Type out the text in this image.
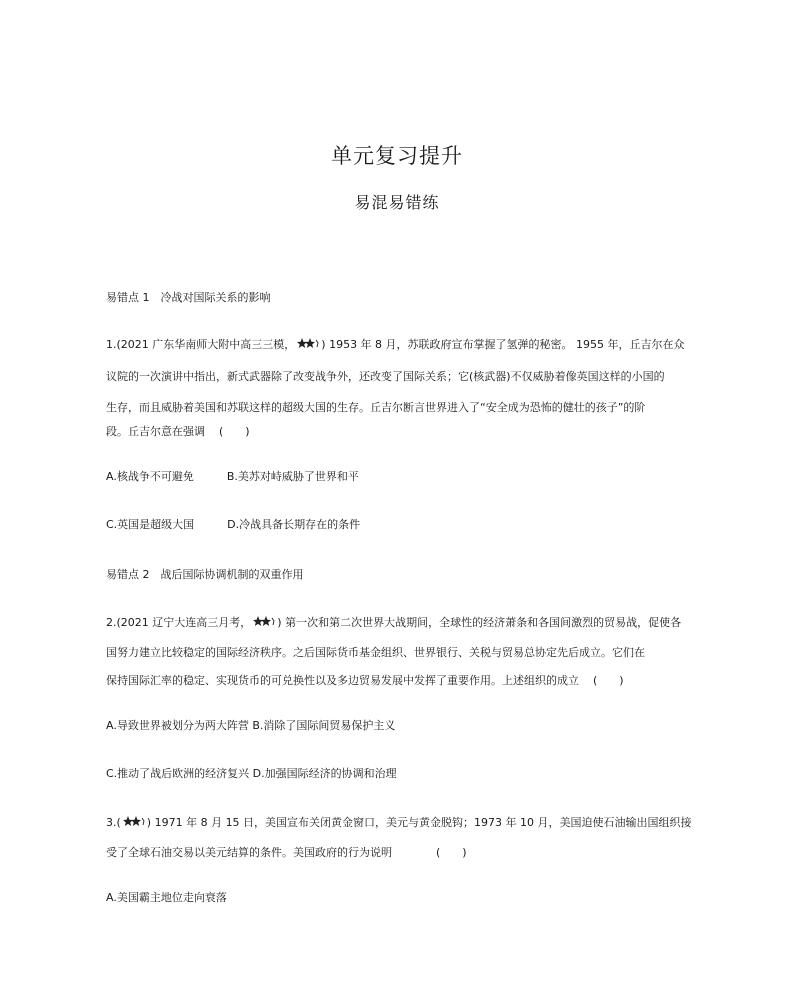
单元复习提升
易混易错练
易错点 1　冷战对国际关系的影响
1.(2021 广东华南师大附中高三三模， ) 1953 年 8 月，苏联政府宣布掌握了氢弹的秘密。 1955 年，丘吉尔在众
议院的一次演讲中指出，新式武器除了改变战争外，还改变了国际关系；它(核武器)不仅威胁着像英国这样的小国的
生存，而且威胁着美国和苏联这样的超级大国的生存。丘吉尔断言世界进入了“安全成为恐怖的健壮的孩子”的阶
段。丘吉尔意在强调 (　　)
A.核战争不可避免　　　B.美苏对峙威胁了世界和平
C.英国是超级大国　　　D.冷战具备长期存在的条件
易错点 2　战后国际协调机制的双重作用
2.(2021 辽宁大连高三月考， ) 第一次和第二次世界大战期间，全球性的经济萧条和各国间激烈的贸易战，促使各
国努力建立比较稳定的国际经济秩序。之后国际货币基金组织、世界银行、关税与贸易总协定先后成立。它们在
保持国际汇率的稳定、实现货币的可兑换性以及多边贸易发展中发挥了重要作用。上述组织的成立 (　　)
A.导致世界被划分为两大阵营 B.消除了国际间贸易保护主义
C.推动了战后欧洲的经济复兴 D.加强国际经济的协调和治理
3.( ) 1971 年 8 月 15 日，美国宣布关闭黄金窗口，美元与黄金脱钩；1973 年 10 月，美国迫使石油输出国组织接
受了全球石油交易以美元结算的条件。美国政府的行为说明	(　　)
A.美国霸主地位走向衰落
